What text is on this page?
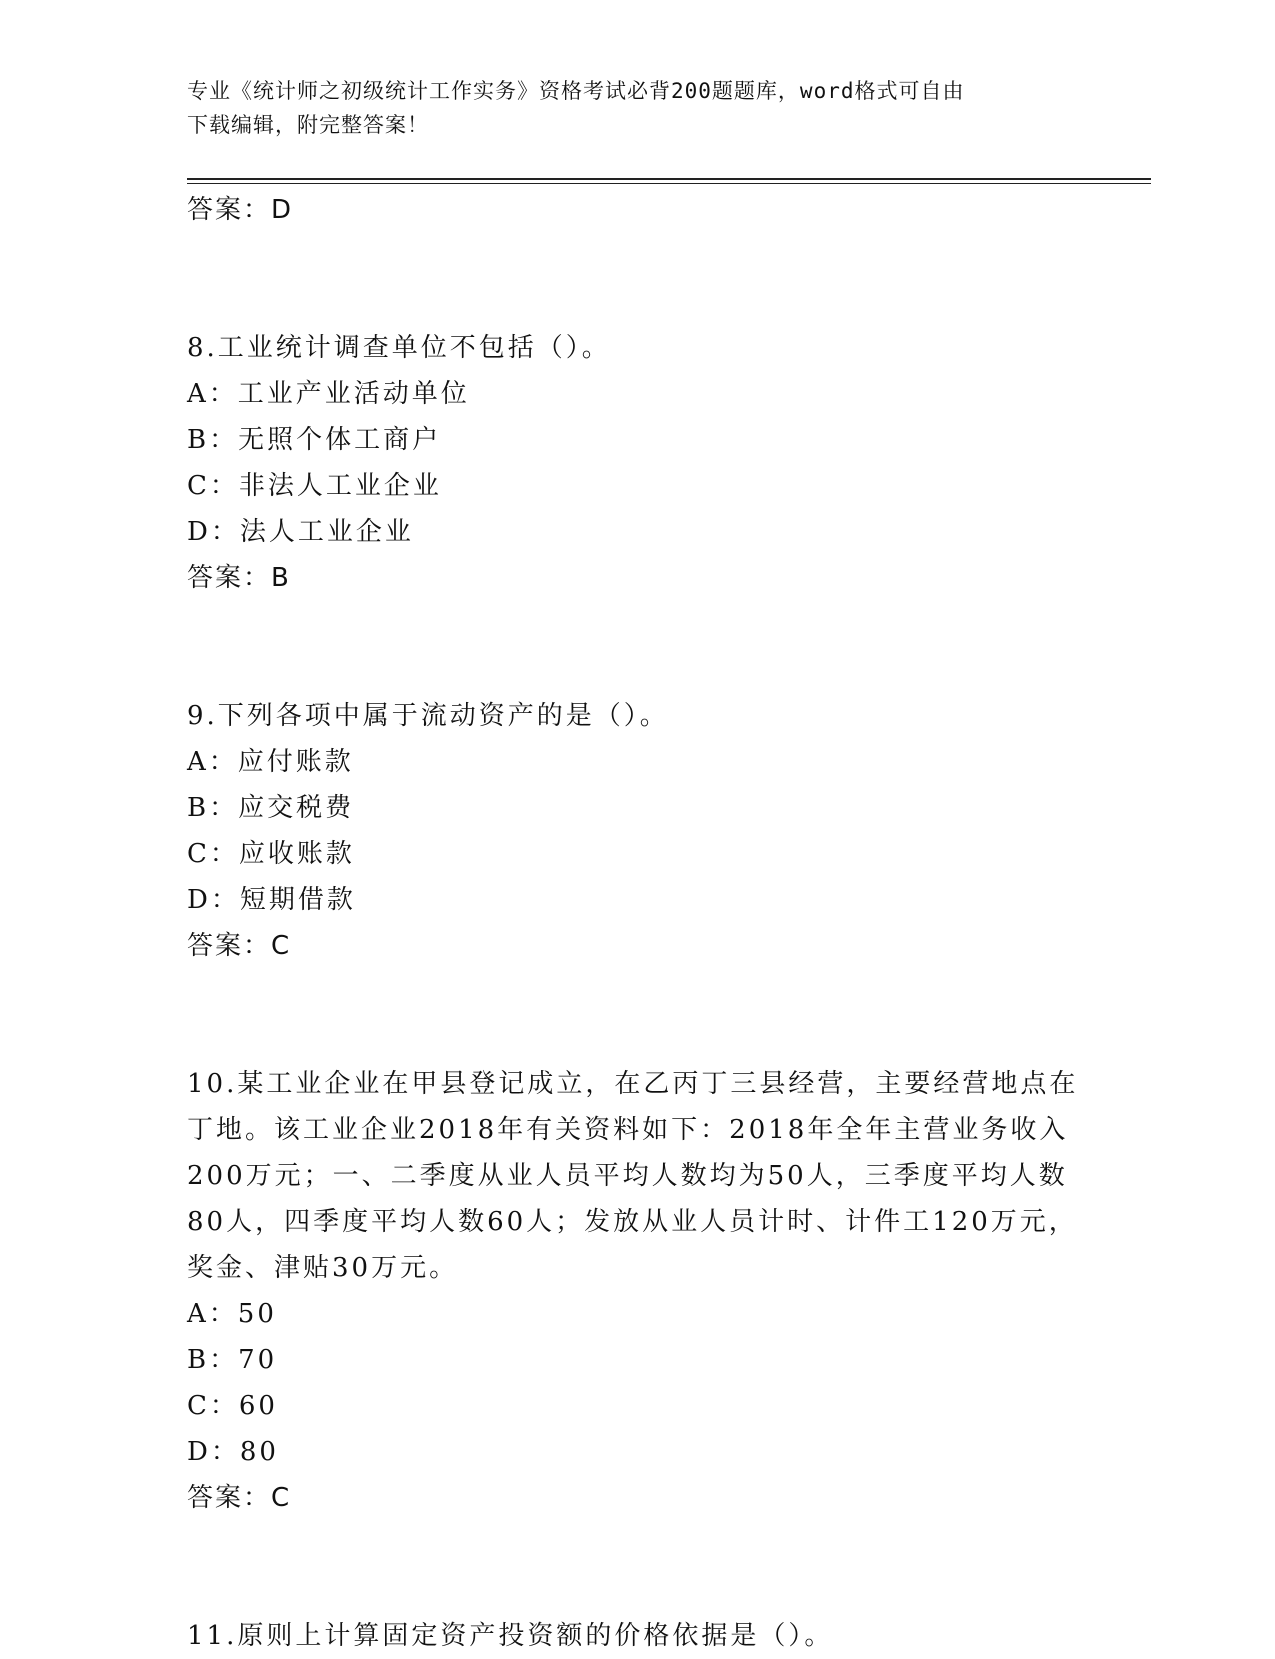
专业《统计师之初级统计工作实务》资格考试必背200题题库，word格式可自由
下载编辑，附完整答案！
答案：D
8.工业统计调查单位不包括（）。
A：工业产业活动单位
B：无照个体工商户
C：非法人工业企业
D：法人工业企业
答案：B
9.下列各项中属于流动资产的是（）。
A：应付账款
B：应交税费
C：应收账款
D：短期借款
答案：C
10.某工业企业在甲县登记成立，在乙丙丁三县经营，主要经营地点在
丁地。该工业企业2018年有关资料如下：2018年全年主营业务收入
200万元；一、二季度从业人员平均人数均为50人，三季度平均人数
80人，四季度平均人数60人；发放从业人员计时、计件工120万元，
奖金、津贴30万元。
A：50
B：70
C：60
D：80
答案：C
11.原则上计算固定资产投资额的价格依据是（）。
